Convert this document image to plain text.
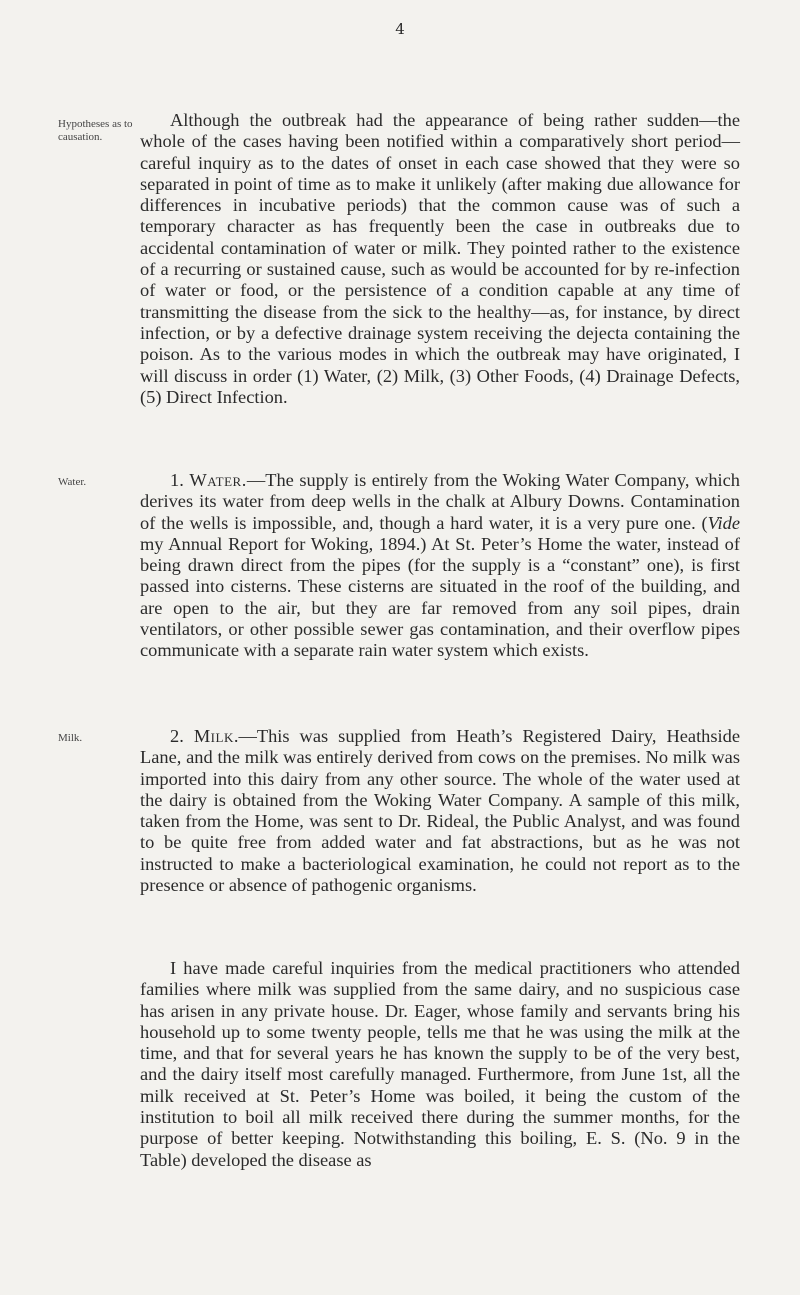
4
Hypotheses as to causation.

Although the outbreak had the appearance of being rather sudden—the whole of the cases having been notified within a comparatively short period—careful inquiry as to the dates of onset in each case showed that they were so separated in point of time as to make it unlikely (after making due allowance for differences in incubative periods) that the common cause was of such a temporary character as has frequently been the case in outbreaks due to accidental contamination of water or milk. They pointed rather to the existence of a recurring or sustained cause, such as would be accounted for by re-infection of water or food, or the persistence of a condition capable at any time of transmitting the disease from the sick to the healthy—as, for instance, by direct infection, or by a defective drainage system receiving the dejecta containing the poison. As to the various modes in which the outbreak may have originated, I will discuss in order (1) Water, (2) Milk, (3) Other Foods, (4) Drainage Defects, (5) Direct Infection.

Water.	1. Water.—The supply is entirely from the Woking Water Company, which derives its water from deep wells in the chalk at Albury Downs. Contamination of the wells is impossible, and, though a hard water, it is a very pure one. (Vide my Annual Report for Woking, 1894.) At St. Peter’s Home the water, instead of being drawn direct from the pipes (for the supply is a “constant” one), is first passed into cisterns. These cisterns are situated in the roof of the building, and are open to the air, but they are far removed from any soil pipes, drain ventilators, or other possible sewer gas contamination, and their overflow pipes communicate with a separate rain water system which exists.

Milk.	2. Milk.—This was supplied from Heath’s Registered Dairy, Heathside Lane, and the milk was entirely derived from cows on the premises. No milk was imported into this dairy from any other source. The whole of the water used at the dairy is obtained from the Woking Water Company. A sample of this milk, taken from the Home, was sent to Dr. Rideal, the Public Analyst, and was found to be quite free from added water and fat abstractions, but as he was not instructed to make a bacteriological examination, he could not report as to the presence or absence of pathogenic organisms.

I have made careful inquiries from the medical practitioners who attended families where milk was supplied from the same dairy, and no suspicious case has arisen in any private house. Dr. Eager, whose family and servants bring his household up to some twenty people, tells me that he was using the milk at the time, and that for several years he has known the supply to be of the very best, and the dairy itself most carefully managed. Furthermore, from June 1st, all the milk received at St. Peter’s Home was boiled, it being the custom of the institution to boil all milk received there during the summer months, for the purpose of better keeping. Notwithstanding this boiling, E. S. (No. 9 in the Table) developed the disease as
